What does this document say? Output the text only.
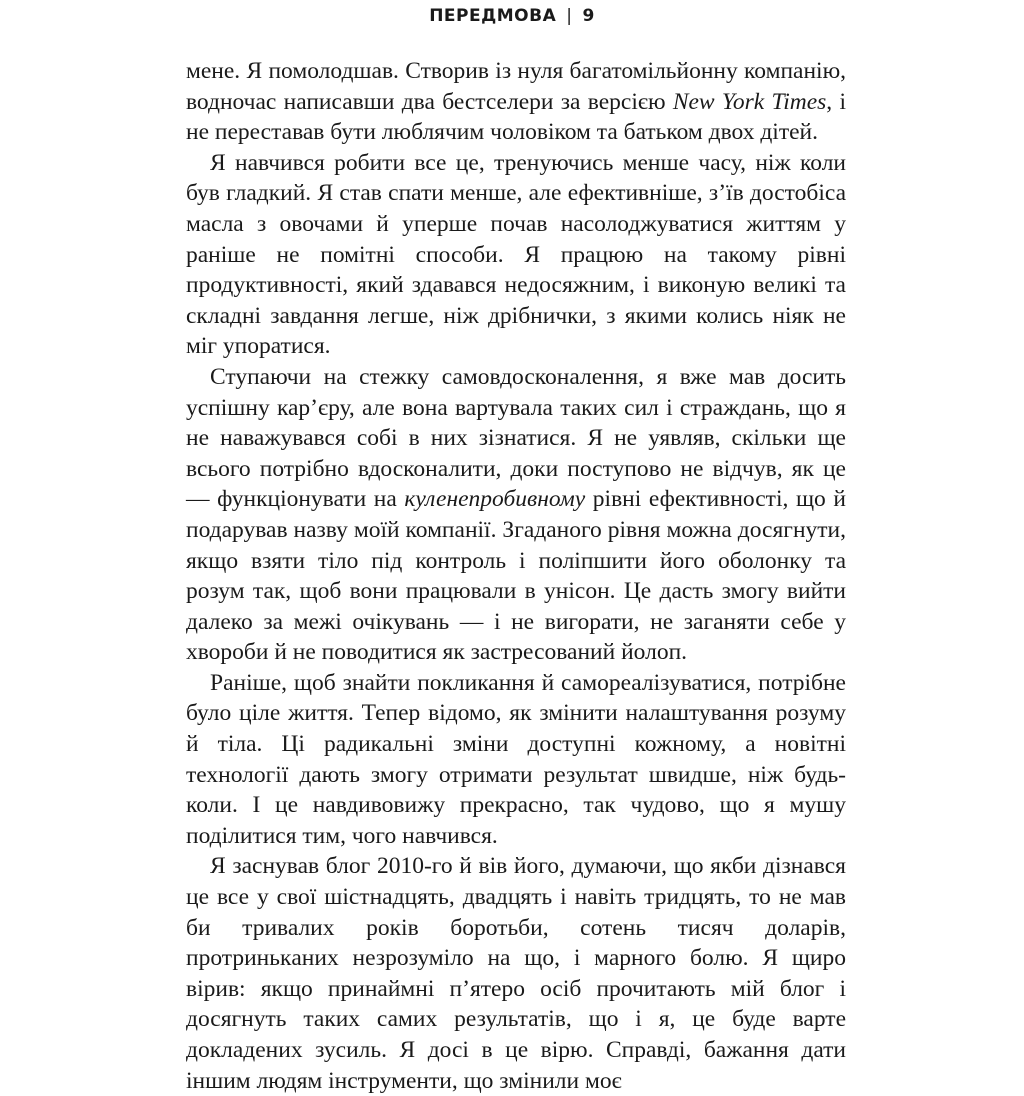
ПЕРЕДМОВА | 9

мене. Я помолодшав. Створив із нуля багатомільйонну компанію, водночас написавши два бестселери за версією New York Times, і не переставав бути люблячим чоловіком та батьком двох дітей.

Я навчився робити все це, тренуючись менше часу, ніж коли був гладкий. Я став спати менше, але ефективніше, з’їв достобіса масла з овочами й уперше почав насолоджуватися життям у раніше не помітні способи. Я працюю на такому рівні продуктивності, який здавався недосяжним, і виконую великі та складні завдання легше, ніж дрібнички, з якими колись ніяк не міг упоратися.

Ступаючи на стежку самовдосконалення, я вже мав досить успішну кар’єру, але вона вартувала таких сил і страждань, що я не наважувався собі в них зізнатися. Я не уявляв, скільки ще всього потрібно вдосконалити, доки поступово не відчув, як це — функціонувати на куленепробивному рівні ефективності, що й подарував назву моїй компанії. Згаданого рівня можна досягнути, якщо взяти тіло під контроль і поліпшити його оболонку та розум так, щоб вони працювали в унісон. Це дасть змогу вийти далеко за межі очікувань — і не вигорати, не заганяти себе у хвороби й не поводитися як застресований йолоп.

Раніше, щоб знайти покликання й самореалізуватися, потрібне було ціле життя. Тепер відомо, як змінити налаштування розуму й тіла. Ці радикальні зміни доступні кожному, а новітні технології дають змогу отримати результат швидше, ніж будь-коли. І це навдивовижу прекрасно, так чудово, що я мушу поділитися тим, чого навчився.

Я заснував блог 2010-го й вів його, думаючи, що якби дізнався це все у свої шістнадцять, двадцять і навіть тридцять, то не мав би тривалих років боротьби, сотень тисяч доларів, протринькaних незрозуміло на що, і марного болю. Я щиро вірив: якщо принаймні п’ятеро осіб прочитають мій блог і досягнуть таких самих результатів, що і я, це буде варте докладених зусиль. Я досі в це вірю. Справді, бажання дати іншим людям інструменти, що змінили моє
